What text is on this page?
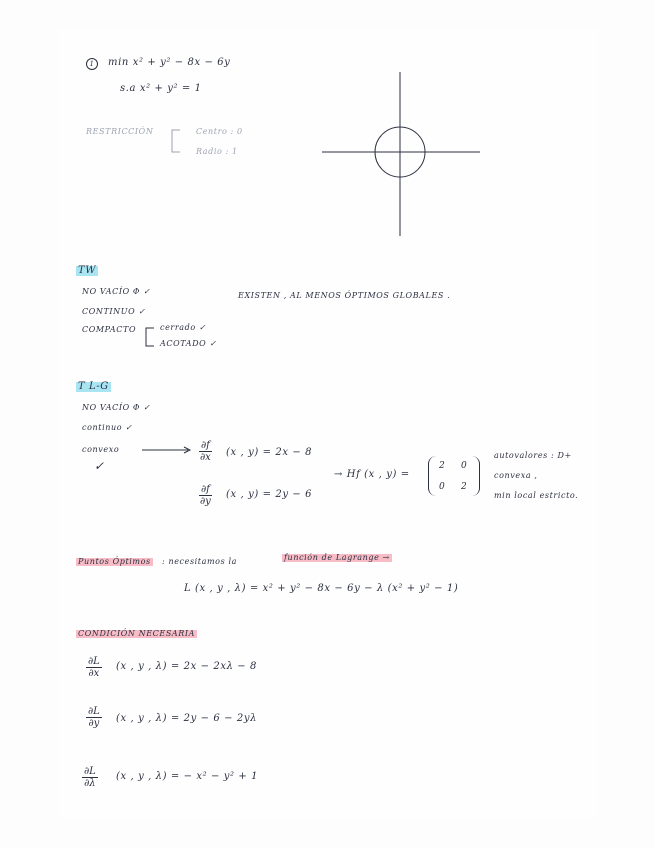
1	min x² + y² − 8x − 6y
s.a x² + y² = 1
RESTRICCIÓN	Centro : 0
Radio : 1
TW
NO VACÍO Φ ✓
CONTINUO ✓
COMPACTO	cerrado ✓
ACOTADO ✓
EXISTEN , AL MENOS ÓPTIMOS GLOBALES .
T L-G
NO VACÍO Φ ✓
continuo ✓
convexo
✓
$\frac{\partial f}{\partial x} (x$ , y) = 2x − 8
$\frac{\partial f}{\partial y} (x$ , y) = 2y − 6
→ Hf (x , y) =
2 0
0 2
autovalores : D+
convexa ,
min local estricto.
Puntos Óptimos : necesitamos la	función de Lagrange →
L (x , y , λ) = x² + y² − 8x − 6y − λ (x² + y² − 1)
CONDICIÓN NECESARIA
$\frac{\partial L}{\partial x} (x$ , y , λ) = 2x − 2xλ − 8
$\frac{\partial L}{\partial y} (x$ , y , λ) = 2y − 6 − 2yλ
$\frac{\partial L}{\partial\lambda} (x$ , y , λ) = − x² − y² + 1
